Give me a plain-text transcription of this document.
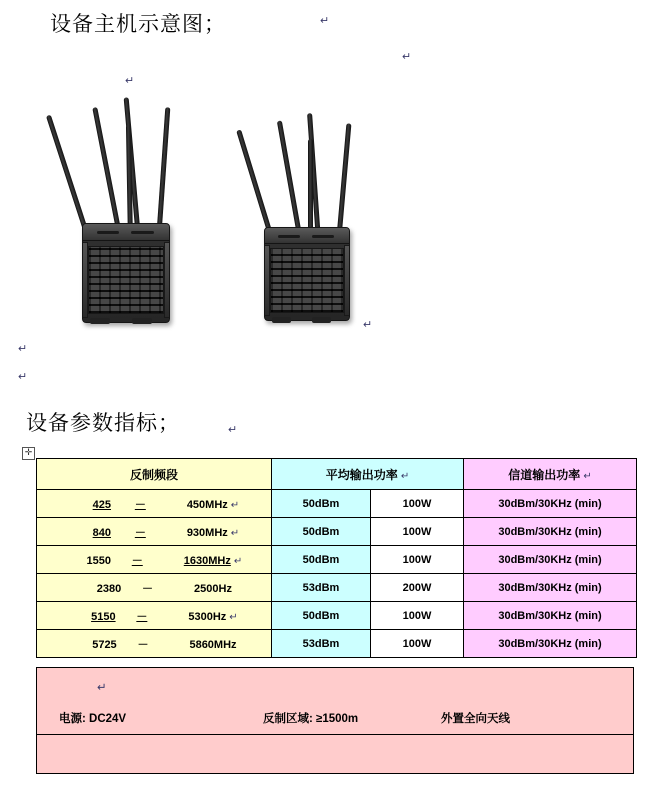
设备主机示意图；
设备参数指标；
↵
↵
↵
↵
↵
↵
↵
✛
反制频段	平均输出功率 ↵		信道输出功率 ↵
425 － 450MHz ↵	50dBm	100W	30dBm/30KHz (min)
840 － 930MHz ↵	50dBm	100W	30dBm/30KHz (min)
1550 － 1630MHz ↵	50dBm	100W	30dBm/30KHz (min)
2380 － 2500Hz	53dBm	200W	30dBm/30KHz (min)
5150 － 5300Hz ↵	50dBm	100W	30dBm/30KHz (min)
5725 － 5860MHz	53dBm	100W	30dBm/30KHz (min)
↵
电源: DC24V	反制区域: ≥1500m	外置全向天线
